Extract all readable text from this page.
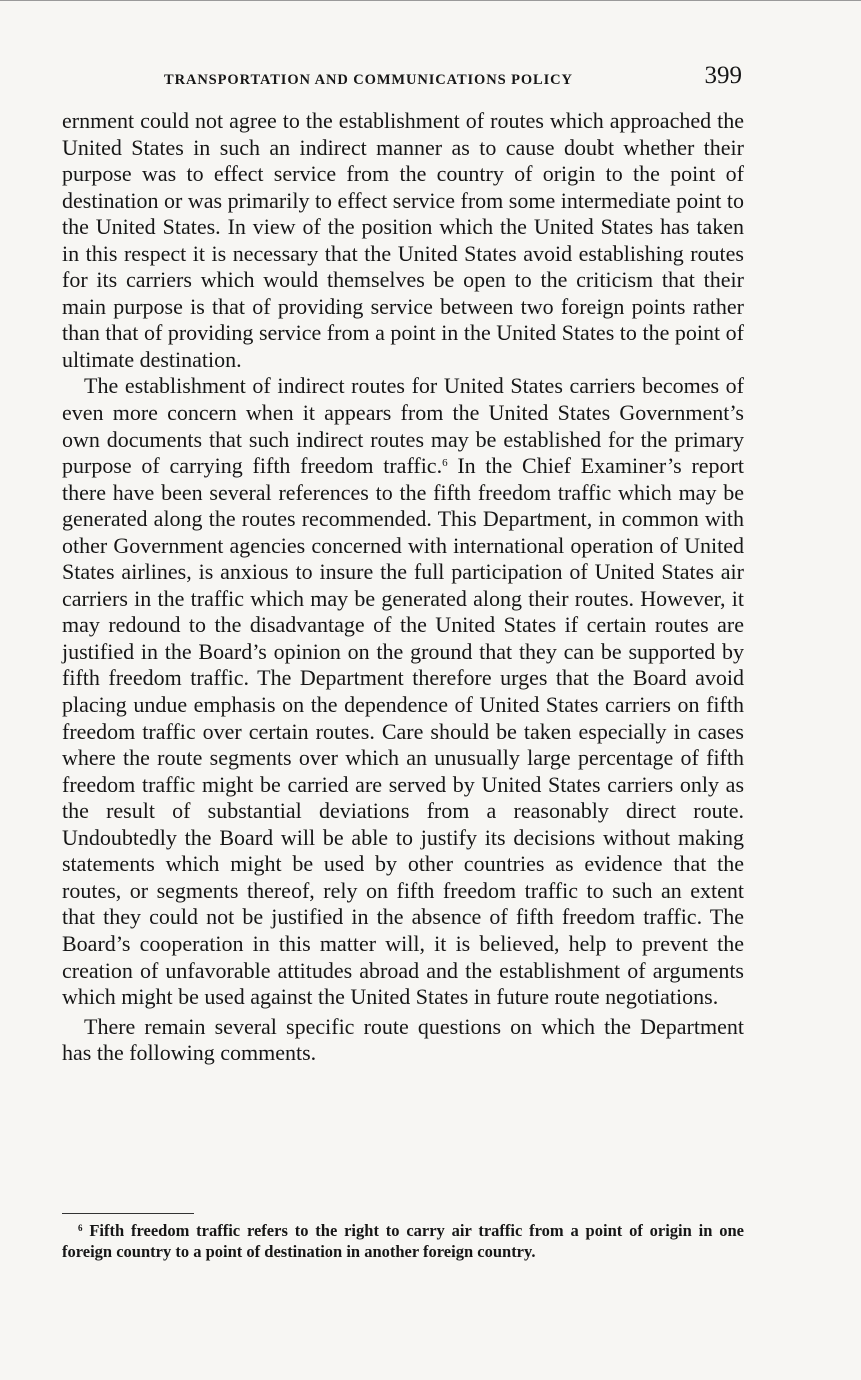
TRANSPORTATION AND COMMUNICATIONS POLICY	399

ernment could not agree to the establishment of routes which approached the United States in such an indirect manner as to cause doubt whether their purpose was to effect service from the country of origin to the point of destination or was primarily to effect service from some intermediate point to the United States. In view of the position which the United States has taken in this respect it is necessary that the United States avoid establishing routes for its carriers which would themselves be open to the criticism that their main purpose is that of providing service between two foreign points rather than that of providing service from a point in the United States to the point of ultimate destination.

The establishment of indirect routes for United States carriers becomes of even more concern when it appears from the United States Government’s own documents that such indirect routes may be established for the primary purpose of carrying fifth freedom traffic.$^6$ In the Chief Examiner’s report there have been several references to the fifth freedom traffic which may be generated along the routes recommended. This Department, in common with other Government agencies concerned with international operation of United States airlines, is anxious to insure the full participation of United States air carriers in the traffic which may be generated along their routes. However, it may redound to the disadvantage of the United States if certain routes are justified in the Board’s opinion on the ground that they can be supported by fifth freedom traffic. The Department therefore urges that the Board avoid placing undue emphasis on the dependence of United States carriers on fifth freedom traffic over certain routes. Care should be taken especially in cases where the route segments over which an unusually large percentage of fifth freedom traffic might be carried are served by United States carriers only as the result of substantial deviations from a reasonably direct route. Undoubtedly the Board will be able to justify its decisions without making statements which might be used by other countries as evidence that the routes, or segments thereof, rely on fifth freedom traffic to such an extent that they could not be justified in the absence of fifth freedom traffic. The Board’s cooperation in this matter will, it is believed, help to prevent the creation of unfavorable attitudes abroad and the establishment of arguments which might be used against the United States in future route negotiations.

There remain several specific route questions on which the Department has the following comments.

$^6$ Fifth freedom traffic refers to the right to carry air traffic from a point of origin in one foreign country to a point of destination in another foreign country.
